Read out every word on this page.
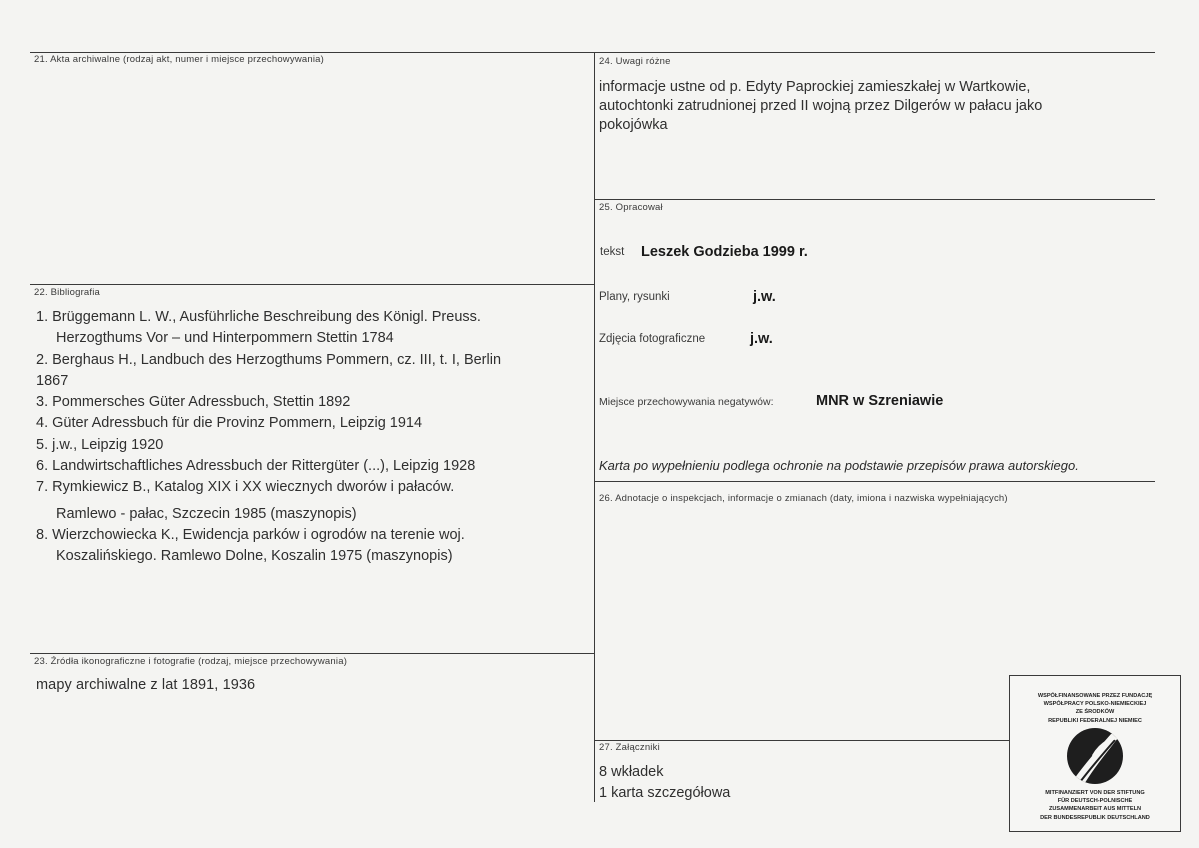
21. Akta archiwalne (rodzaj akt, numer i miejsce przechowywania)
22. Bibliografia
1. Brüggemann L. W., Ausführliche Beschreibung des Königl. Preuss.
Herzogthums Vor – und Hinterpommern Stettin 1784
2. Berghaus H., Landbuch des Herzogthums Pommern, cz. III, t. I, Berlin
1867
3. Pommersches Güter Adressbuch, Stettin 1892
4. Güter Adressbuch für die Provinz Pommern, Leipzig 1914
5. j.w., Leipzig 1920
6. Landwirtschaftliches Adressbuch der Rittergüter (...), Leipzig 1928
7. Rymkiewicz B., Katalog XIX i XX wiecznych dworów i pałaców.
Ramlewo - pałac, Szczecin 1985 (maszynopis)
8. Wierzchowiecka K., Ewidencja parków i ogrodów na terenie woj.
Koszalińskiego. Ramlewo Dolne, Koszalin 1975 (maszynopis)
23. Źródła ikonograficzne i fotografie (rodzaj, miejsce przechowywania)
mapy archiwalne z lat 1891, 1936
24. Uwagi różne
informacje ustne od p. Edyty Paprockiej zamieszkałej w Wartkowie,
autochtonki zatrudnionej przed II wojną przez Dilgerów w pałacu jako
pokojówka
25. Opracował
tekst Leszek Godzieba 1999 r.
Plany, rysunki	j.w.
Zdjęcia fotograficzne	j.w.
Miejsce przechowywania negatywów:	MNR w Szreniawie
Karta po wypełnieniu podlega ochronie na podstawie przepisów prawa autorskiego.
26. Adnotacje o inspekcjach, informacje o zmianach (daty, imiona i nazwiska wypełniających)
27. Załączniki
8 wkładek
1 karta szczegółowa
WSPÓŁFINANSOWANE PRZEZ FUNDACJĘ
WSPÓŁPRACY POLSKO-NIEMIECKIEJ
ZE ŚRODKÓW
REPUBLIKI FEDERALNEJ NIEMIEC
MITFINANZIERT VON DER STIFTUNG
FÜR DEUTSCH-POLNISCHE
ZUSAMMENARBEIT AUS MITTELN
DER BUNDESREPUBLIK DEUTSCHLAND
